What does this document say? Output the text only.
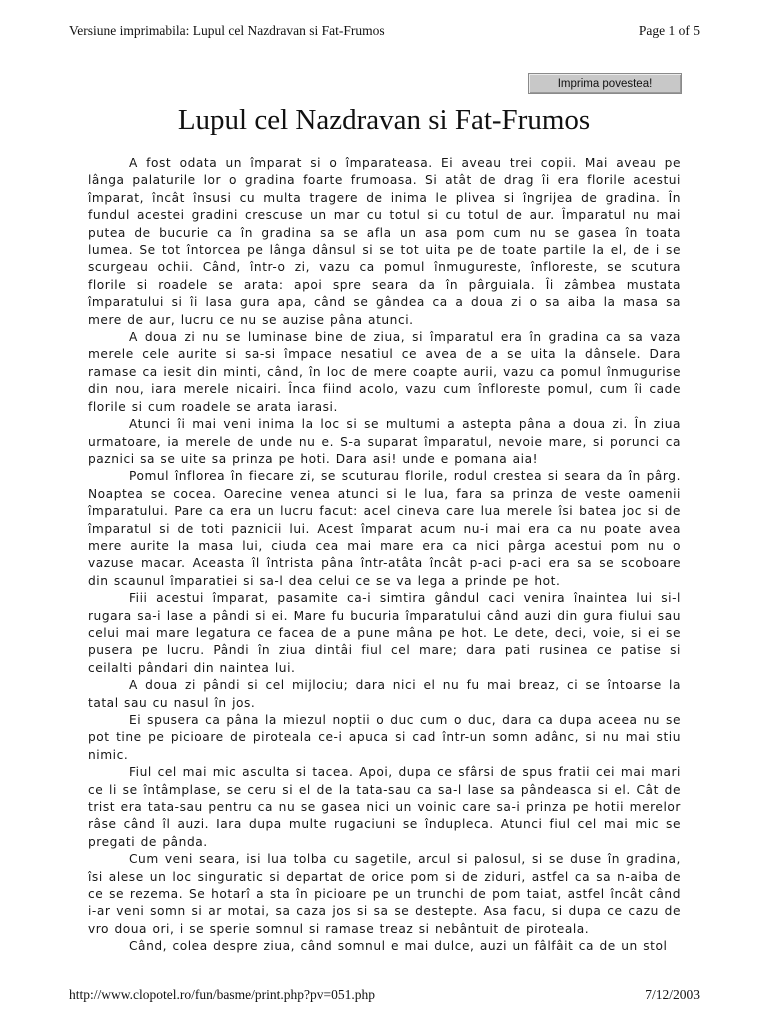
Versiune imprimabila: Lupul cel Nazdravan si Fat-Frumos	Page 1 of 5
Imprima povestea!
Lupul cel Nazdravan si Fat-Frumos

A fost odata un împarat si o împarateasa. Ei aveau trei copii. Mai aveau pe lânga palaturile lor o gradina foarte frumoasa. Si atât de drag îi era florile acestui împarat, încât însusi cu multa tragere de inima le plivea si îngrijea de gradina. În fundul acestei gradini crescuse un mar cu totul si cu totul de aur. Împaratul nu mai putea de bucurie ca în gradina sa se afla un asa pom cum nu se gasea în toata lumea. Se tot întorcea pe lânga dânsul si se tot uita pe de toate partile la el, de i se scurgeau ochii. Când, într-o zi, vazu ca pomul înmugureste, înfloreste, se scutura florile si roadele se arata: apoi spre seara da în pârguiala. Îi zâmbea mustata împaratului si îi lasa gura apa, când se gândea ca a doua zi o sa aiba la masa sa mere de aur, lucru ce nu se auzise pâna atunci.

A doua zi nu se luminase bine de ziua, si împaratul era în gradina ca sa vaza merele cele aurite si sa-si împace nesatiul ce avea de a se uita la dânsele. Dara ramase ca iesit din minti, când, în loc de mere coapte aurii, vazu ca pomul înmugurise din nou, iara merele nicairi. Înca fiind acolo, vazu cum înfloreste pomul, cum îi cade florile si cum roadele se arata iarasi.

Atunci îi mai veni inima la loc si se multumi a astepta pâna a doua zi. În ziua urmatoare, ia merele de unde nu e. S-a suparat împaratul, nevoie mare, si porunci ca paznici sa se uite sa prinza pe hoti. Dara asi! unde e pomana aia!

Pomul înflorea în fiecare zi, se scuturau florile, rodul crestea si seara da în pârg. Noaptea se cocea. Oarecine venea atunci si le lua, fara sa prinza de veste oamenii împaratului. Pare ca era un lucru facut: acel cineva care lua merele îsi batea joc si de împaratul si de toti paznicii lui. Acest împarat acum nu-i mai era ca nu poate avea mere aurite la masa lui, ciuda cea mai mare era ca nici pârga acestui pom nu o vazuse macar. Aceasta îl întrista pâna într-atâta încât p-aci p-aci era sa se scoboare din scaunul împaratiei si sa-l dea celui ce se va lega a prinde pe hot.

Fiii acestui împarat, pasamite ca-i simtira gândul caci venira înaintea lui si-l rugara sa-i lase a pândi si ei. Mare fu bucuria împaratului când auzi din gura fiului sau celui mai mare legatura ce facea de a pune mâna pe hot. Le dete, deci, voie, si ei se pusera pe lucru. Pândi în ziua dintâi fiul cel mare; dara pati rusinea ce patise si ceilalti pândari din naintea lui.

A doua zi pândi si cel mijlociu; dara nici el nu fu mai breaz, ci se întoarse la tatal sau cu nasul în jos.

Ei spusera ca pâna la miezul noptii o duc cum o duc, dara ca dupa aceea nu se pot tine pe picioare de piroteala ce-i apuca si cad într-un somn adânc, si nu mai stiu nimic.

Fiul cel mai mic asculta si tacea. Apoi, dupa ce sfârsi de spus fratii cei mai mari ce li se întâmplase, se ceru si el de la tata-sau ca sa-l lase sa pândeasca si el. Cât de trist era tata-sau pentru ca nu se gasea nici un voinic care sa-i prinza pe hotii merelor râse când îl auzi. Iara dupa multe rugaciuni se îndupleca. Atunci fiul cel mai mic se pregati de pânda.

Cum veni seara, isi lua tolba cu sagetile, arcul si palosul, si se duse în gradina, îsi alese un loc singuratic si departat de orice pom si de ziduri, astfel ca sa n-aiba de ce se rezema. Se hotarî a sta în picioare pe un trunchi de pom taiat, astfel încât când i-ar veni somn si ar motai, sa caza jos si sa se destepte. Asa facu, si dupa ce cazu de vro doua ori, i se sperie somnul si ramase treaz si nebântuit de piroteala.

Când, colea despre ziua, când somnul e mai dulce, auzi un fâlfâit ca de un stol

http://www.clopotel.ro/fun/basme/print.php?pv=051.php	7/12/2003
